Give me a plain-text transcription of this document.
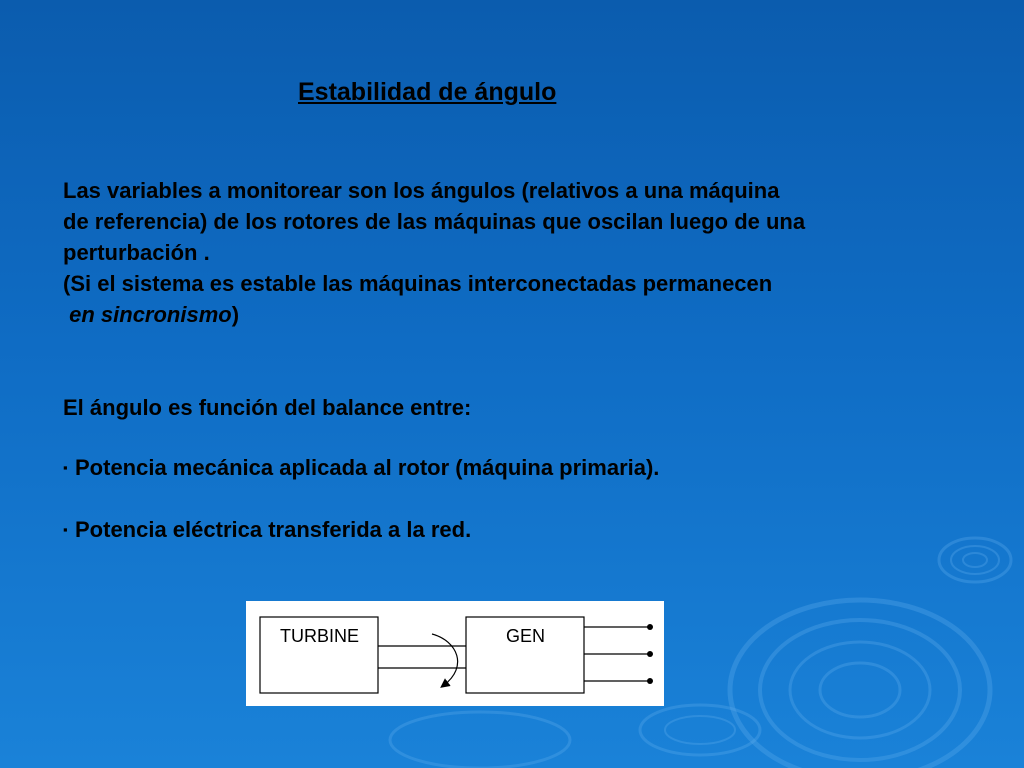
Estabilidad de ángulo
Las variables a monitorear son los ángulos (relativos a una máquina
de referencia) de los rotores de las máquinas que oscilan luego de una
perturbación .
(Si el sistema es estable las máquinas interconectadas permanecen
en sincronismo)
El ángulo es función del balance entre:
▪ Potencia mecánica aplicada al rotor (máquina primaria).
▪ Potencia eléctrica transferida a la red.
TURBINE	GEN
